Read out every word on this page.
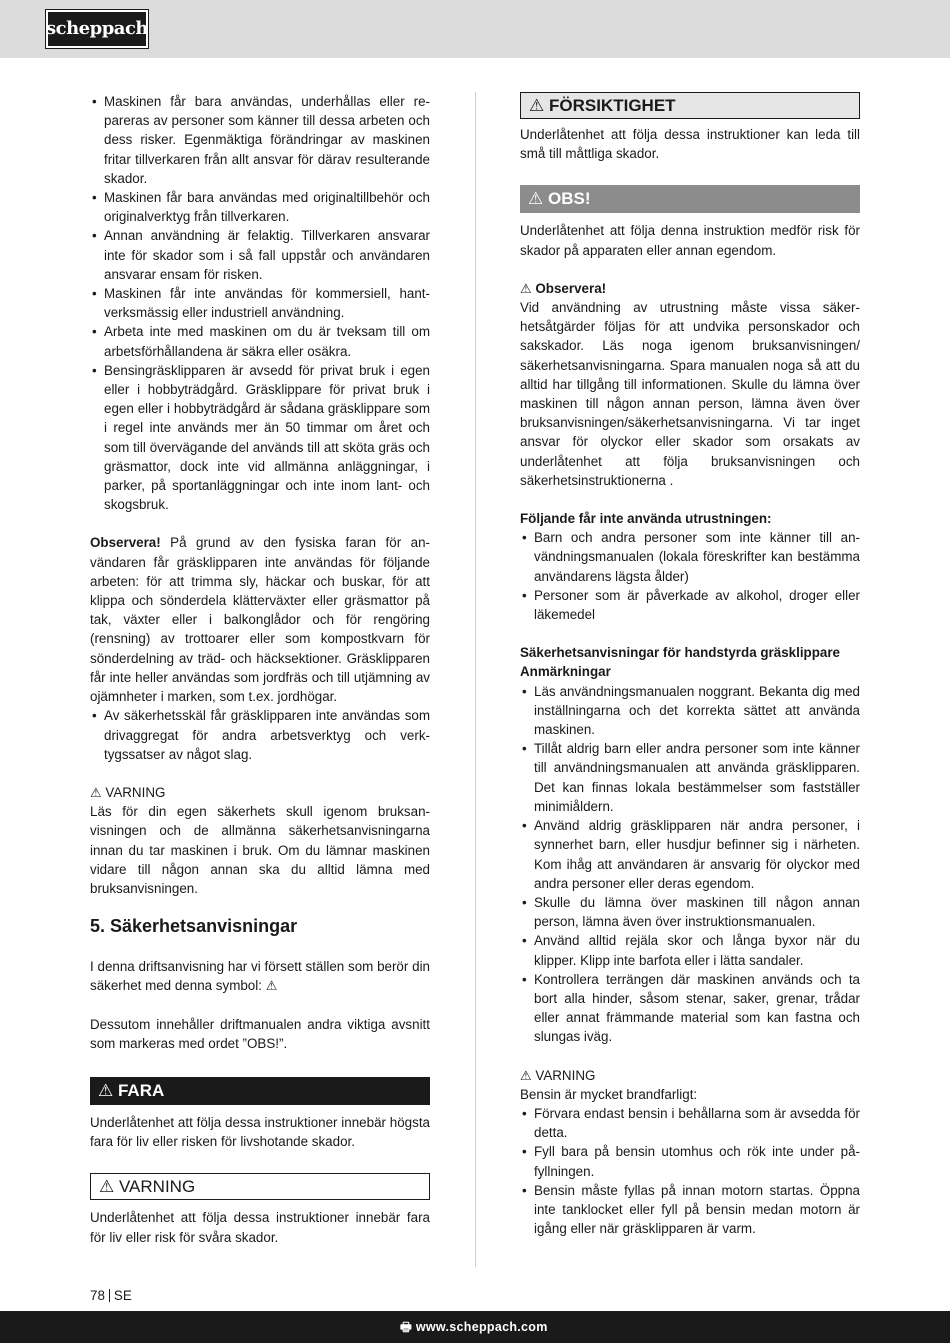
scheppach
• Maskinen får bara användas, underhållas eller repareras av personer som känner till dessa arbeten och dess risker. Egenmäktiga förändringar av maskinen fritar tillverkaren från allt ansvar för därav resulterande skador.
• Maskinen får bara användas med originaltillbehör och originalverktyg från tillverkaren.
• Annan användning är felaktig. Tillverkaren ansvarar inte för skador som i så fall uppstår och användaren ansvarar ensam för risken.
• Maskinen får inte användas för kommersiell, hantverksmässig eller industriell användning.
• Arbeta inte med maskinen om du är tveksam till om arbetsförhållandena är säkra eller osäkra.
• Bensingräsklipparen är avsedd för privat bruk i egen eller i hobbyträdgård. Gräsklippare för privat bruk i egen eller i hobbyträdgård är sådana gräsklippare som i regel inte används mer än 50 timmar om året och som till övervägande del används till att sköta gräs och gräsmattor, dock inte vid allmänna anläggningar, i parker, på sportanläggningar och inte inom lant- och skogsbruk.

Observera! På grund av den fysiska faran för användaren får gräsklipparen inte användas för följande arbeten: för att trimma sly, häckar och buskar, för att klippa och sönderdela klätterväxter eller gräsmattor på tak, växter eller i balkonglådor och för rengöring (rensning) av trottoarer eller som kompostkvarn för sönderdelning av träd- och häcksektioner. Gräsklipparen får inte heller användas som jordfräs och till utjämning av ojämnheter i marken, som t.ex. jordhögar.

• Av säkerhetsskäl får gräsklipparen inte användas som drivaggregat för andra arbetsverktyg och verktygssatser av något slag.

⚠ VARNING

Läs för din egen säkerhets skull igenom bruksanvisningen och de allmänna säkerhetsanvisningarna innan du tar maskinen i bruk. Om du lämnar maskinen vidare till någon annan ska du alltid lämna med bruksanvisningen.

5. Säkerhetsanvisningar

I denna driftsanvisning har vi försett ställen som berör din säkerhet med denna symbol: ⚠

Dessutom innehåller driftmanualen andra viktiga avsnitt som markeras med ordet ”OBS!”.

⚠ FARA

Underlåtenhet att följa dessa instruktioner innebär högsta fara för liv eller risken för livshotande skador.

⚠ VARNING

Underlåtenhet att följa dessa instruktioner innebär fara för liv eller risk för svåra skador.

⚠ FÖRSIKTIGHET

Underlåtenhet att följa dessa instruktioner kan leda till små till måttliga skador.

⚠ OBS!

Underlåtenhet att följa denna instruktion medför risk för skador på apparaten eller annan egendom.

⚠ Observera!

Vid användning av utrustning måste vissa säkerhetsåtgärder följas för att undvika personskador och sakskador. Läs noga igenom bruksanvisningen/ säkerhetsanvisningarna. Spara manualen noga så att du alltid har tillgång till informationen. Skulle du lämna över maskinen till någon annan person, lämna även över bruksanvisningen/säkerhetsanvisningarna. Vi tar inget ansvar för olyckor eller skador som orsakats av underlåtenhet att följa bruksanvisningen och säkerhetsinstruktionerna .

Följande får inte använda utrustningen:

• Barn och andra personer som inte känner till användningsmanualen (lokala föreskrifter kan bestämma användarens lägsta ålder)
• Personer som är påverkade av alkohol, droger eller läkemedel

Säkerhetsanvisningar för handstyrda gräsklippare

Anmärkningar

• Läs användningsmanualen noggrant. Bekanta dig med inställningarna och det korrekta sättet att använda maskinen.
• Tillåt aldrig barn eller andra personer som inte känner till användningsmanualen att använda gräsklipparen. Det kan finnas lokala bestämmelser som fastställer minimiåldern.
• Använd aldrig gräsklipparen när andra personer, i synnerhet barn, eller husdjur befinner sig i närheten. Kom ihåg att användaren är ansvarig för olyckor med andra personer eller deras egendom.
• Skulle du lämna över maskinen till någon annan person, lämna även över instruktionsmanualen.
• Använd alltid rejäla skor och långa byxor när du klipper. Klipp inte barfota eller i lätta sandaler.
• Kontrollera terrängen där maskinen används och ta bort alla hinder, såsom stenar, saker, grenar, trådar eller annat främmande material som kan fastna och slungas iväg.

⚠ VARNING

Bensin är mycket brandfarligt:

• Förvara endast bensin i behållarna som är avsedda för detta.
• Fyll bara på bensin utomhus och rök inte under påfyllningen.
• Bensin måste fyllas på innan motorn startas. Öppna inte tanklocket eller fyll på bensin medan motorn är igång eller när gräsklipparen är varm.
78 SE
🖶 www.scheppach.com
